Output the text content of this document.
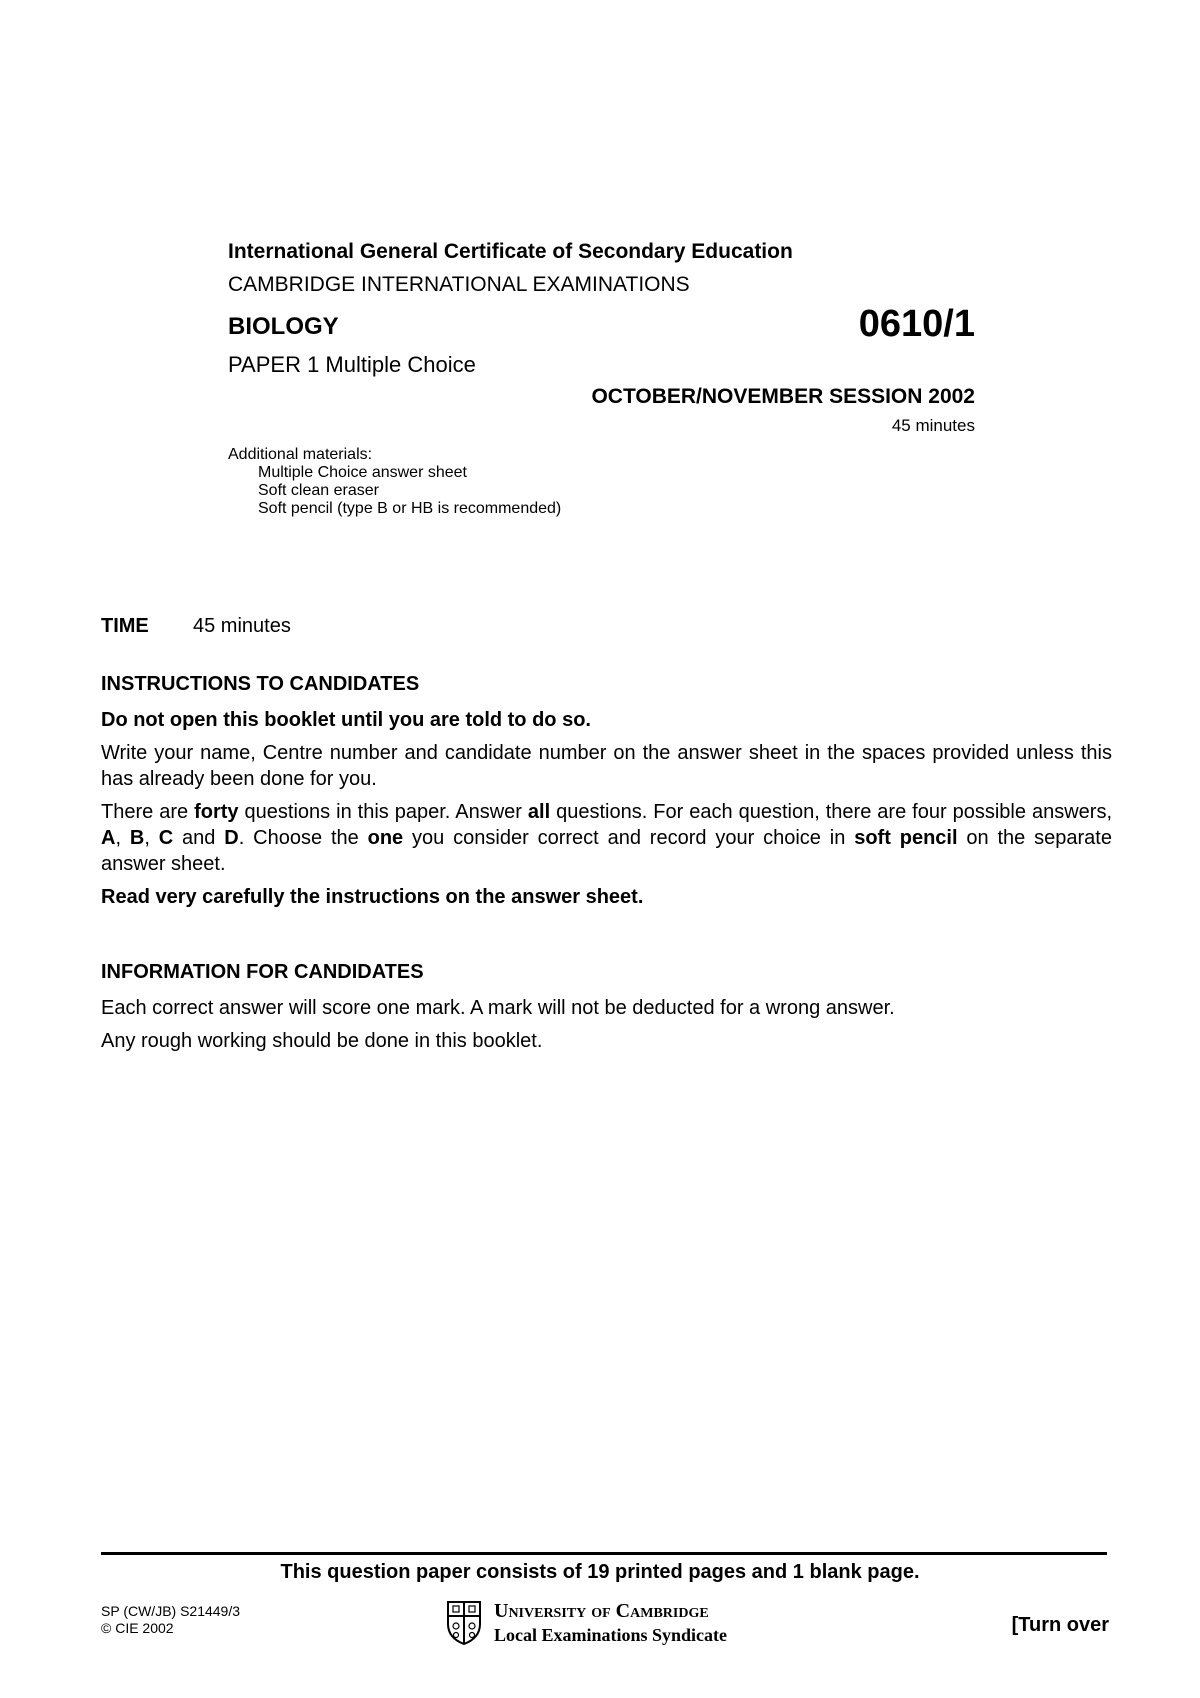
International General Certificate of Secondary Education
CAMBRIDGE INTERNATIONAL EXAMINATIONS
BIOLOGY	0610/1
PAPER 1 Multiple Choice
OCTOBER/NOVEMBER SESSION 2002
45 minutes
Additional materials:
Multiple Choice answer sheet
Soft clean eraser
Soft pencil (type B or HB is recommended)
TIME 45 minutes
INSTRUCTIONS TO CANDIDATES

Do not open this booklet until you are told to do so.

Write your name, Centre number and candidate number on the answer sheet in the spaces provided unless this has already been done for you.

There are forty questions in this paper. Answer all questions. For each question, there are four possible answers, A, B, C and D. Choose the one you consider correct and record your choice in soft pencil on the separate answer sheet.

Read very carefully the instructions on the answer sheet.

INFORMATION FOR CANDIDATES

Each correct answer will score one mark. A mark will not be deducted for a wrong answer.

Any rough working should be done in this booklet.

This question paper consists of 19 printed pages and 1 blank page.
SP (CW/JB) S21449/3
© CIE 2002
University of Cambridge
Local Examinations Syndicate	[Turn over
